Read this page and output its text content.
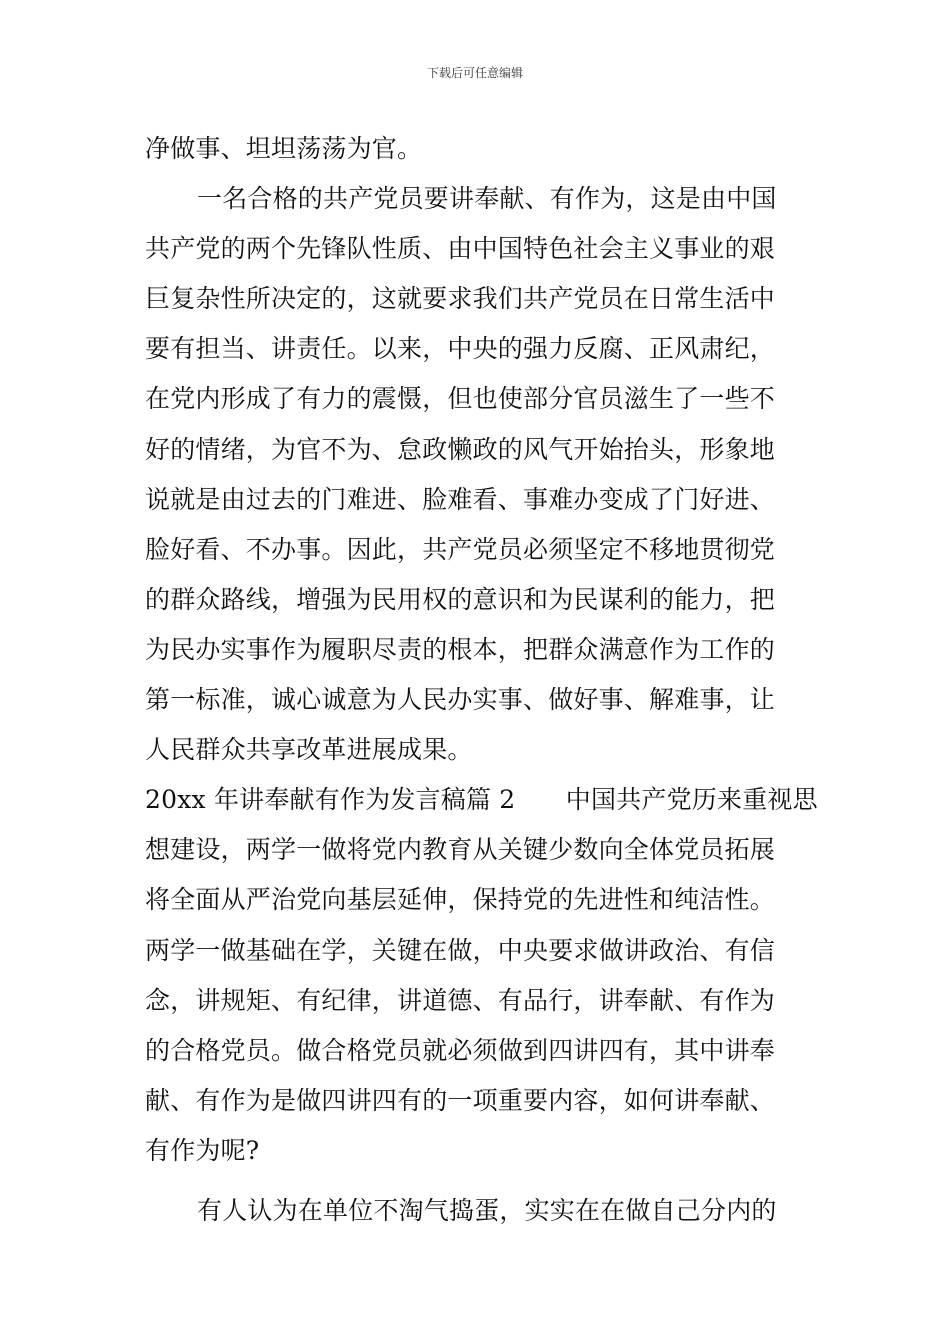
下载后可任意编辑
净做事、坦坦荡荡为官。
一名合格的共产党员要讲奉献、有作为，这是由中国
共产党的两个先锋队性质、由中国特色社会主义事业的艰
巨复杂性所决定的，这就要求我们共产党员在日常生活中
要有担当、讲责任。以来，中央的强力反腐、正风肃纪，
在党内形成了有力的震慑，但也使部分官员滋生了一些不
好的情绪，为官不为、怠政懒政的风气开始抬头，形象地
说就是由过去的门难进、脸难看、事难办变成了门好进、
脸好看、不办事。因此，共产党员必须坚定不移地贯彻党
的群众路线，增强为民用权的意识和为民谋利的能力，把
为民办实事作为履职尽责的根本，把群众满意作为工作的
第一标准，诚心诚意为人民办实事、做好事、解难事，让
人民群众共享改革进展成果。
20xx 年讲奉献有作为发言稿篇 2　　中国共产党历来重视思
想建设，两学一做将党内教育从关键少数向全体党员拓展
将全面从严治党向基层延伸，保持党的先进性和纯洁性。
两学一做基础在学，关键在做，中央要求做讲政治、有信
念，讲规矩、有纪律，讲道德、有品行，讲奉献、有作为
的合格党员。做合格党员就必须做到四讲四有，其中讲奉
献、有作为是做四讲四有的一项重要内容，如何讲奉献、
有作为呢?
有人认为在单位不淘气捣蛋，实实在在做自己分内的
